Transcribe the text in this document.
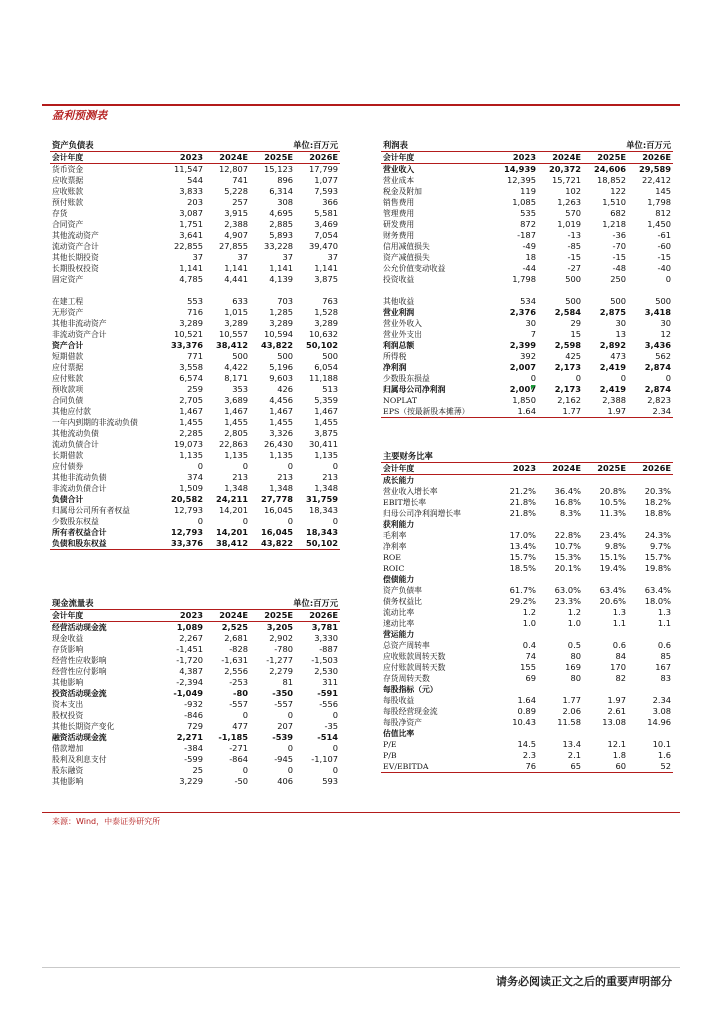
盈利预测表
资产负债表			单位:百万元	
会计年度	2023	2024E	2025E	2026E
货币资金	11,547	12,807	15,123	17,799
应收票据	544	741	896	1,077
应收账款	3,833	5,228	6,314	7,593
预付账款	203	257	308	366
存货	3,087	3,915	4,695	5,581
合同资产	1,751	2,388	2,885	3,469
其他流动资产	3,641	4,907	5,893	7,054
流动资产合计	22,855	27,855	33,228	39,470
其他长期投资	37	37	37	37
长期股权投资	1,141	1,141	1,141	1,141
固定资产	4,785	4,441	4,139	3,875

在建工程	553	633	703	763
无形资产	716	1,015	1,285	1,528
其他非流动资产	3,289	3,289	3,289	3,289
非流动资产合计	10,521	10,557	10,594	10,632
资产合计	33,376	38,412	43,822	50,102
短期借款	771	500	500	500
应付票据	3,558	4,422	5,196	6,054
应付账款	6,574	8,171	9,603	11,188
预收款项	259	353	426	513
合同负债	2,705	3,689	4,456	5,359
其他应付款	1,467	1,467	1,467	1,467
一年内到期的非流动负债	1,455	1,455	1,455	1,455
其他流动负债	2,285	2,805	3,326	3,875
流动负债合计	19,073	22,863	26,430	30,411
长期借款	1,135	1,135	1,135	1,135
应付债券	0	0	0	0
其他非流动负债	374	213	213	213
非流动负债合计	1,509	1,348	1,348	1,348
负债合计	20,582	24,211	27,778	31,759
归属母公司所有者权益	12,793	14,201	16,045	18,343
少数股东权益	0	0	0	0
所有者权益合计	12,793	14,201	16,045	18,343
负债和股东权益	33,376	38,412	43,822	50,102
利润表			单位:百万元	
会计年度	2023	2024E	2025E	2026E
营业收入	14,939	20,372	24,606	29,589
营业成本	12,395	15,721	18,852	22,412
税金及附加	119	102	122	145
销售费用	1,085	1,263	1,510	1,798
管理费用	535	570	682	812
研发费用	872	1,019	1,218	1,450
财务费用	-187	-13	-36	-61
信用减值损失	-49	-85	-70	-60
资产减值损失	18	-15	-15	-15
公允价值变动收益	-44	-27	-48	-40
投资收益	1,798	500	250	0

其他收益	534	500	500	500
营业利润	2,376	2,584	2,875	3,418
营业外收入	30	29	30	30
营业外支出	7	15	13	12
利润总额	2,399	2,598	2,892	3,436
所得税	392	425	473	562
净利润	2,007	2,173	2,419	2,874
少数股东损益	0	0	0	0
归属母公司净利润	2,007	2,173	2,419	2,874
NOPLAT	1,850	2,162	2,388	2,823
EPS（按最新股本摊薄）	1.64	1.77	1.97	2.34
主要财务比率				
会计年度	2023	2024E	2025E	2026E
成长能力				
营业收入增长率	21.2%	36.4%	20.8%	20.3%
EBIT增长率	21.8%	16.8%	10.5%	18.2%
归母公司净利润增长率	21.8%	8.3%	11.3%	18.8%
获利能力				
毛利率	17.0%	22.8%	23.4%	24.3%
净利率	13.4%	10.7%	9.8%	9.7%
ROE	15.7%	15.3%	15.1%	15.7%
ROIC	18.5%	20.1%	19.4%	19.8%
偿债能力				
资产负债率	61.7%	63.0%	63.4%	63.4%
债务权益比	29.2%	23.3%	20.6%	18.0%
流动比率	1.2	1.2	1.3	1.3
速动比率	1.0	1.0	1.1	1.1
营运能力				
总资产周转率	0.4	0.5	0.6	0.6
应收账款周转天数	74	80	84	85
应付账款周转天数	155	169	170	167
存货周转天数	69	80	82	83
每股指标（元）				
每股收益	1.64	1.77	1.97	2.34
每股经营现金流	0.89	2.06	2.61	3.08
每股净资产	10.43	11.58	13.08	14.96
估值比率				
P/E	14.5	13.4	12.1	10.1
P/B	2.3	2.1	1.8	1.6
EV/EBITDA	76	65	60	52
现金流量表			单位:百万元	
会计年度	2023	2024E	2025E	2026E
经营活动现金流	1,089	2,525	3,205	3,781
现金收益	2,267	2,681	2,902	3,330
存货影响	-1,451	-828	-780	-887
经营性应收影响	-1,720	-1,631	-1,277	-1,503
经营性应付影响	4,387	2,556	2,279	2,530
其他影响	-2,394	-253	81	311
投资活动现金流	-1,049	-80	-350	-591
资本支出	-932	-557	-557	-556
股权投资	-846	0	0	0
其他长期资产变化	729	477	207	-35
融资活动现金流	2,271	-1,185	-539	-514
借款增加	-384	-271	0	0
股利及利息支付	-599	-864	-945	-1,107
股东融资	25	0	0	0
其他影响	3,229	-50	406	593
来源：Wind，中泰证券研究所
请务必阅读正文之后的重要声明部分
